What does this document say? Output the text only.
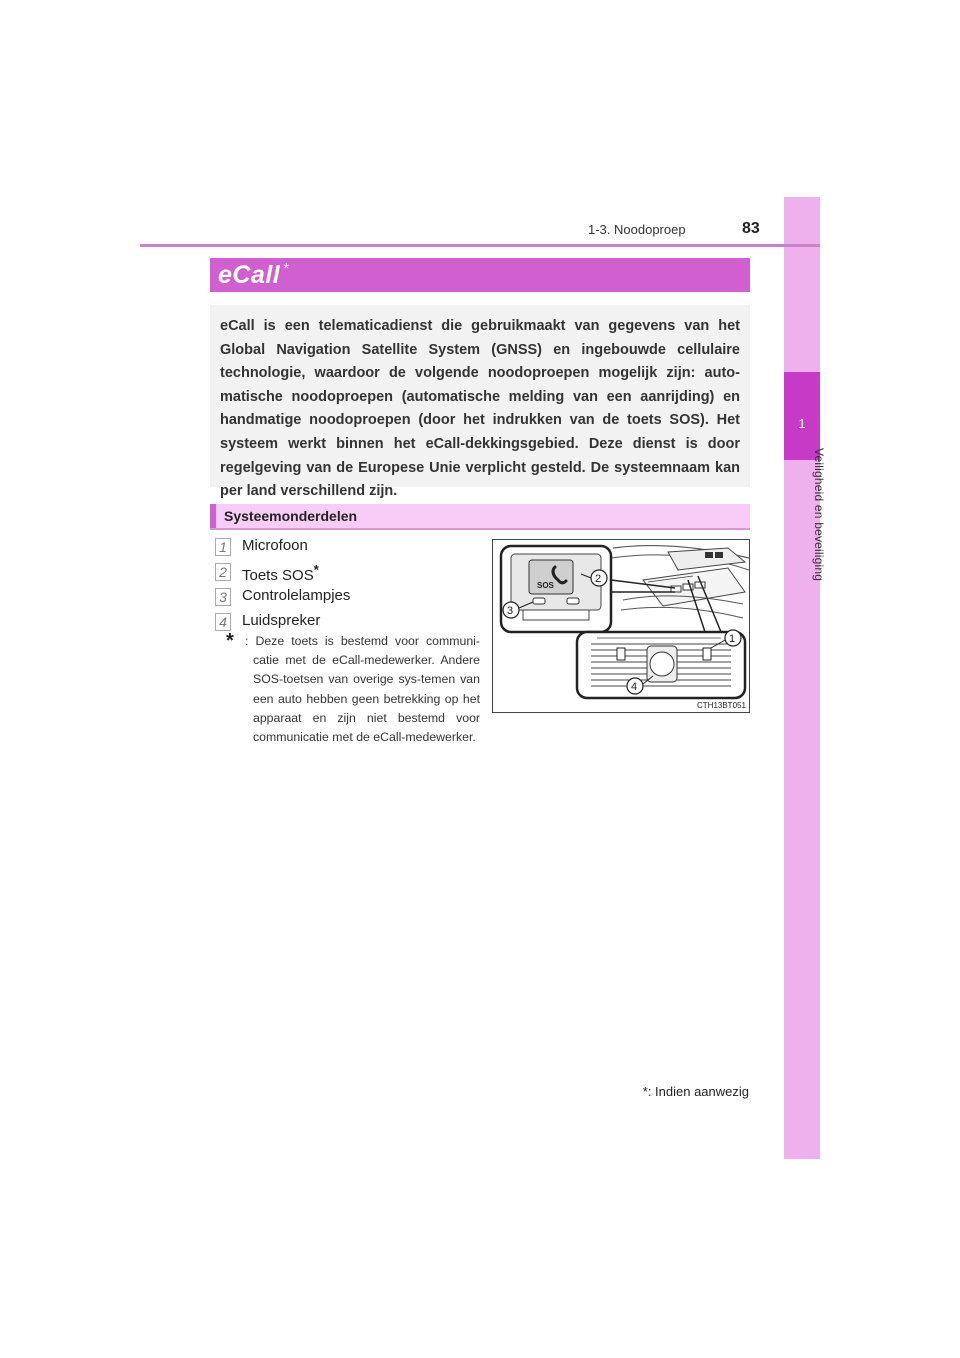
1
Veiligheid en beveiliging
1-3. Noodoproep	83
eCall *

eCall is een telematicadienst die gebruikmaakt van gegevens van het Global Navigation Satellite System (GNSS) en ingebouwde cellulaire technologie, waardoor de volgende noodoproepen mogelijk zijn: auto-matische noodoproepen (automatische melding van een aanrijding) en handmatige noodoproepen (door het indrukken van de toets SOS). Het systeem werkt binnen het eCall-dekkingsgebied. Deze dienst is door regelgeving van de Europese Unie verplicht gesteld. De systeemnaam kan per land verschillend zijn.

Systeemonderdelen
1 Microfoon
2 Toets SOS*
3 Controlelampjes
4 Luidspreker
* : Deze toets is bestemd voor communi-catie met de eCall-medewerker. Andere SOS-toetsen van overige sys-temen van een auto hebben geen betrekking op het apparaat en zijn niet bestemd voor communicatie met de eCall-medewerker.
SOS
2
3
1
4
CTH13BT051
*: Indien aanwezig
